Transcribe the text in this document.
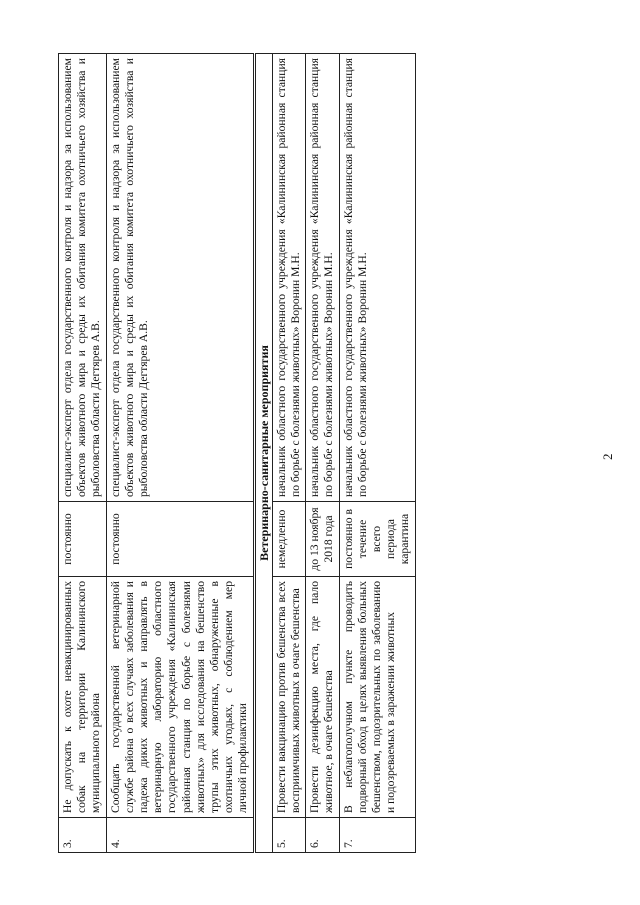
2
3.	Не допускать к охоте невакцинированных собак на территории Калининского муниципального района	постоянно	специалист-эксперт отдела государственного контроля и надзора за использованием объектов животного мира и среды их обитания комитета охотничьего хозяйства и рыболовства области Дегтярев А.В.
4.	Сообщать государственной ветеринарной службе района о всех случаях заболевания и падежа диких животных и направлять в ветеринарную лабораторию областного государственного учреждения «Калининская районная станция по борьбе с болезнями животных» для исследования на бешенство трупы этих животных, обнаруженные в охотничьих угодьях, с соблюдением мер личной профилактики	постоянно	специалист-эксперт отдела государственного контроля и надзора за использованием объектов животного мира и среды их обитания комитета охотничьего хозяйства и рыболовства области Дегтярев А.В.
Ветеринарно-санитарные мероприятия			
5.	Провести вакцинацию против бешенства всех восприимчивых животных в очаге бешенства	немедленно	начальник областного государственного учреждения «Калининская районная станция по борьбе с болезнями животных» Воронин М.Н.
6.	Провести дезинфекцию места, где пало животное, в очаге бешенства	до 13 ноября 2018 года	начальник областного государственного учреждения «Калининская районная станция по борьбе с болезнями животных» Воронин М.Н.
7.	В неблагополучном пункте проводить подворный обход в целях выявления больных бешенством, подозрительных по заболеванию и подозреваемых в заражении животных	постоянно в течение всего периода карантина	начальник областного государственного учреждения «Калининская районная станция по борьбе с болезнями животных» Воронин М.Н.
